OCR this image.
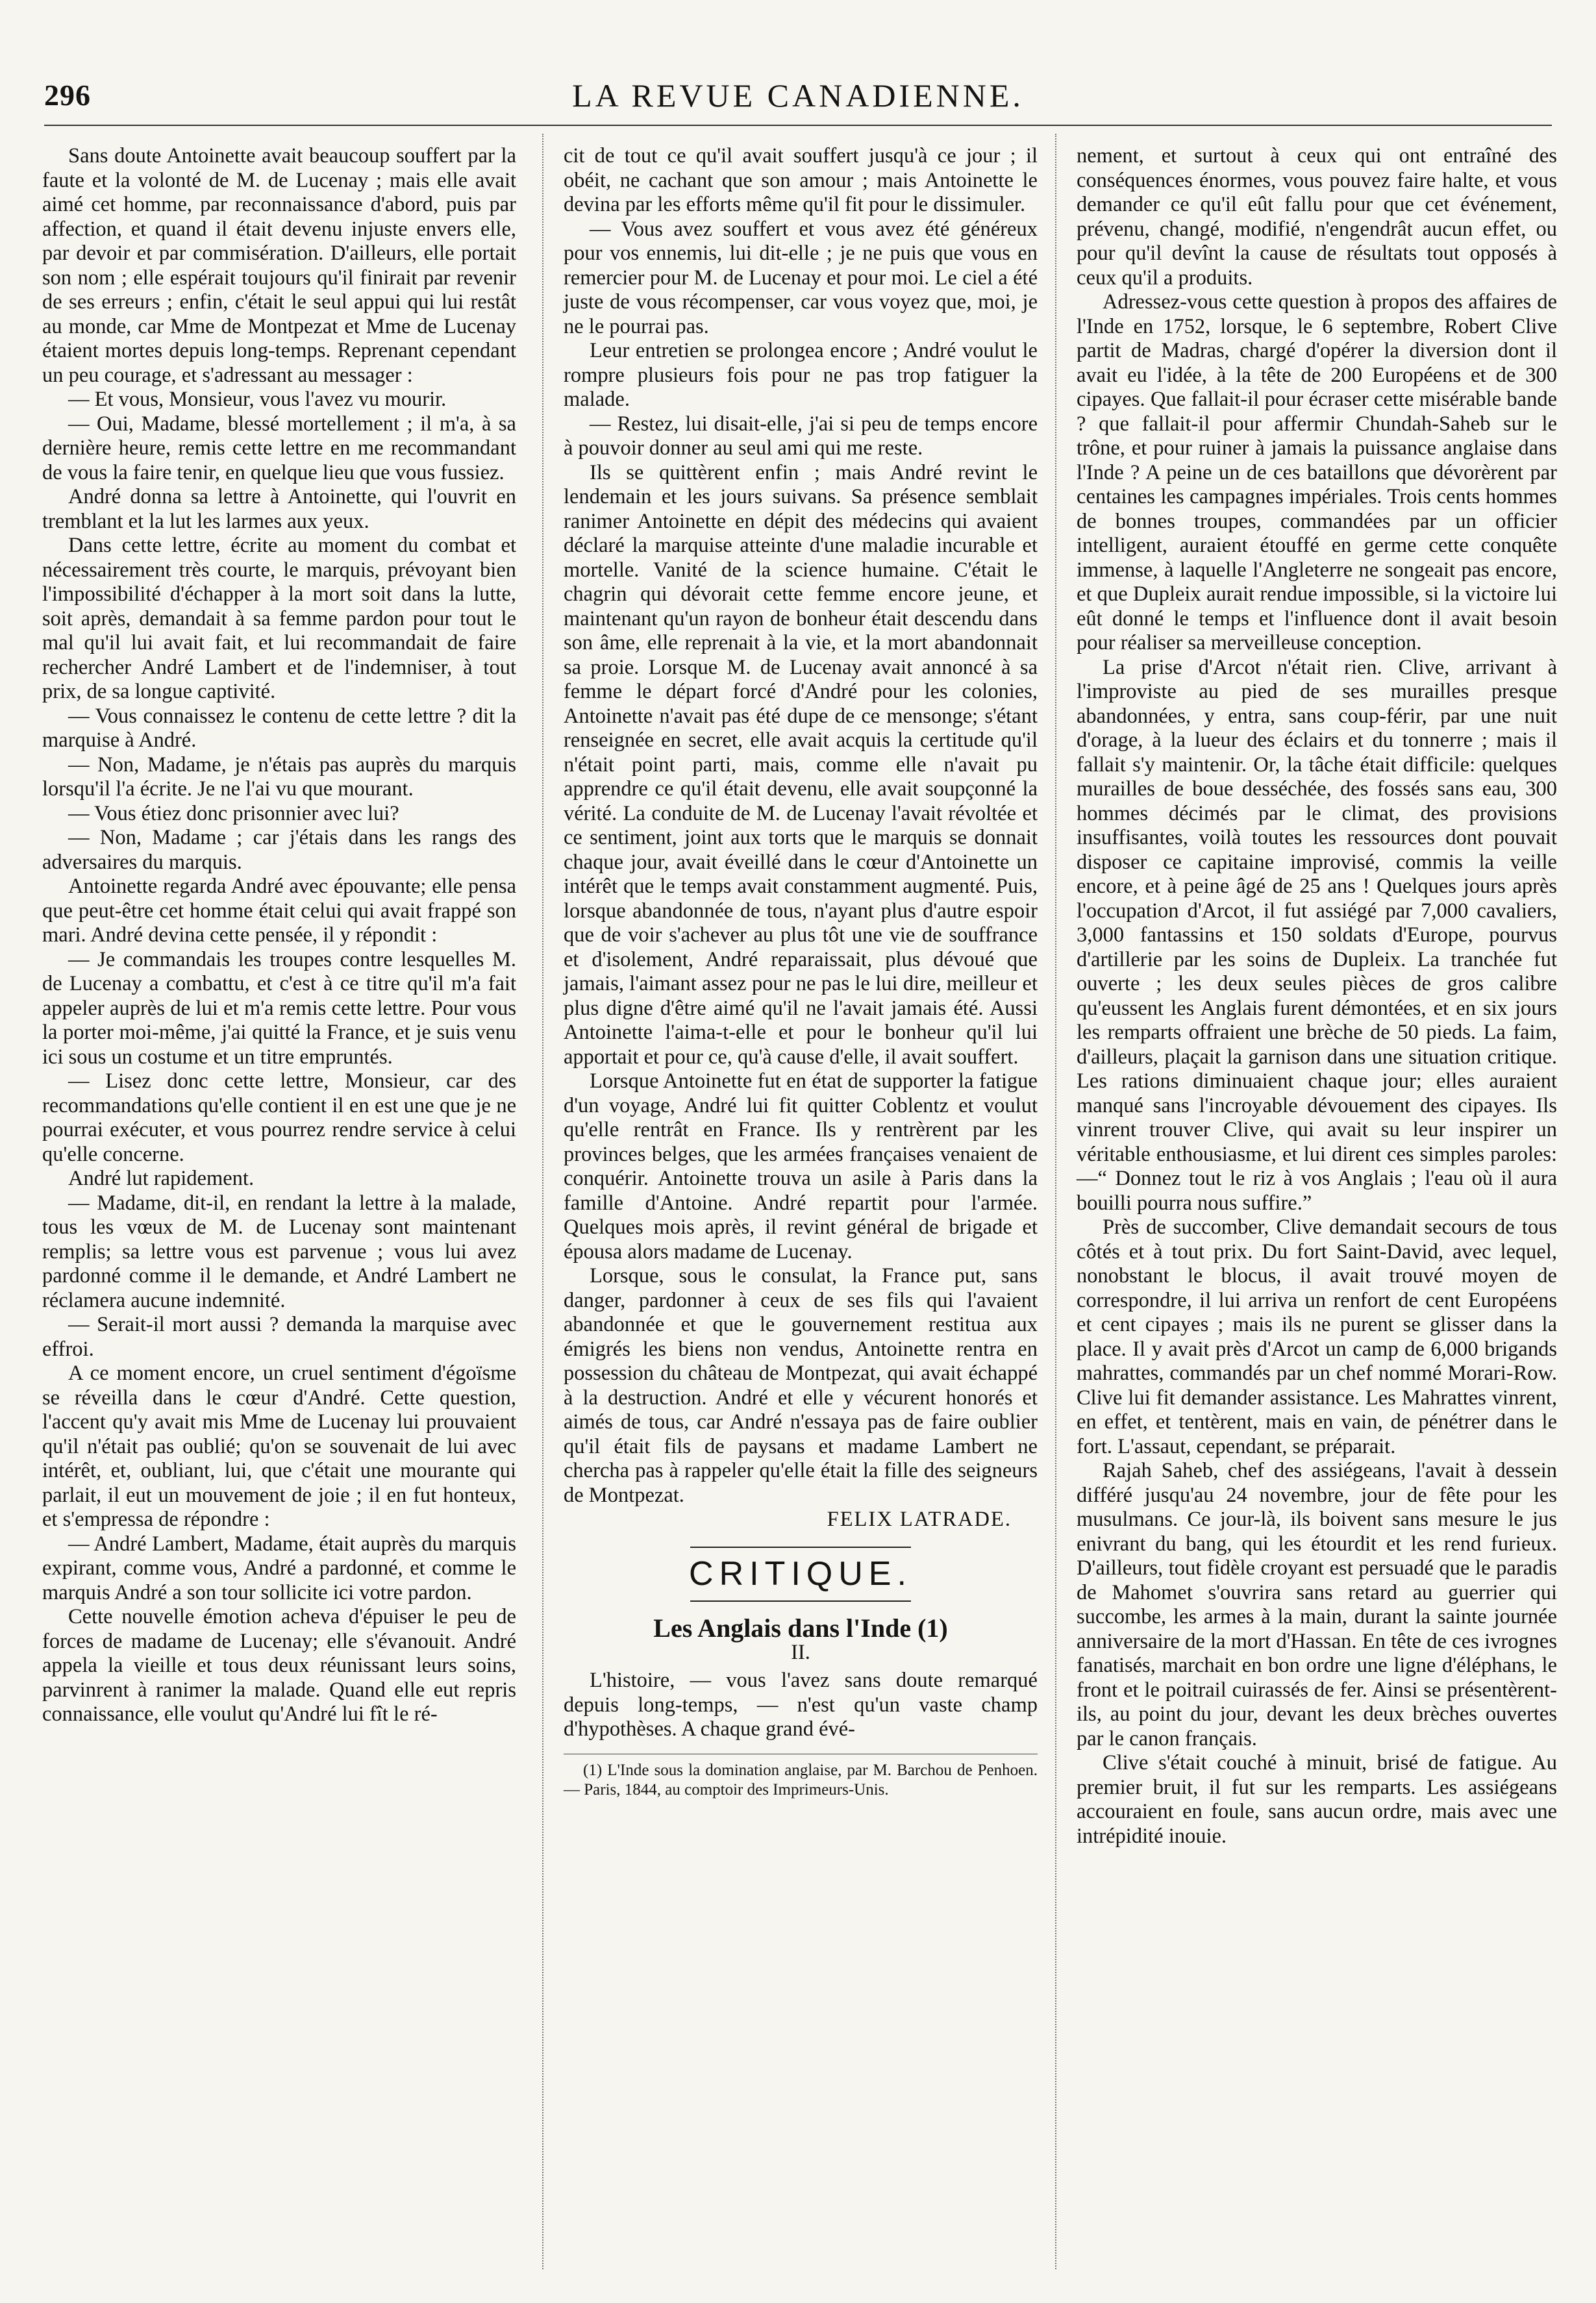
296	LA REVUE CANADIENNE.

Sans doute Antoinette avait beaucoup souffert par la faute et la volonté de M. de Lucenay ; mais elle avait aimé cet homme, par reconnaissance d'abord, puis par affection, et quand il était devenu injuste envers elle, par devoir et par commisération. D'ailleurs, elle portait son nom ; elle espérait toujours qu'il finirait par revenir de ses erreurs ; enfin, c'était le seul appui qui lui restât au monde, car Mme de Montpezat et Mme de Lucenay étaient mortes depuis long-temps. Reprenant cependant un peu courage, et s'adressant au messager :

— Et vous, Monsieur, vous l'avez vu mourir.

— Oui, Madame, blessé mortellement ; il m'a, à sa dernière heure, remis cette lettre en me recommandant de vous la faire tenir, en quelque lieu que vous fussiez.

André donna sa lettre à Antoinette, qui l'ouvrit en tremblant et la lut les larmes aux yeux.

Dans cette lettre, écrite au moment du combat et nécessairement très courte, le marquis, prévoyant bien l'impossibilité d'échapper à la mort soit dans la lutte, soit après, demandait à sa femme pardon pour tout le mal qu'il lui avait fait, et lui recommandait de faire rechercher André Lambert et de l'indemniser, à tout prix, de sa longue captivité.

— Vous connaissez le contenu de cette lettre ? dit la marquise à André.

— Non, Madame, je n'étais pas auprès du marquis lorsqu'il l'a écrite. Je ne l'ai vu que mourant.

— Vous étiez donc prisonnier avec lui?

— Non, Madame ; car j'étais dans les rangs des adversaires du marquis.

Antoinette regarda André avec épouvante; elle pensa que peut-être cet homme était celui qui avait frappé son mari. André devina cette pensée, il y répondit :

— Je commandais les troupes contre lesquelles M. de Lucenay a combattu, et c'est à ce titre qu'il m'a fait appeler auprès de lui et m'a remis cette lettre. Pour vous la porter moi-même, j'ai quitté la France, et je suis venu ici sous un costume et un titre empruntés.

— Lisez donc cette lettre, Monsieur, car des recommandations qu'elle contient il en est une que je ne pourrai exécuter, et vous pourrez rendre service à celui qu'elle concerne.

André lut rapidement.

— Madame, dit-il, en rendant la lettre à la malade, tous les vœux de M. de Lucenay sont maintenant remplis; sa lettre vous est parvenue ; vous lui avez pardonné comme il le demande, et André Lambert ne réclamera aucune indemnité.

— Serait-il mort aussi ? demanda la marquise avec effroi.

A ce moment encore, un cruel sentiment d'égoïsme se réveilla dans le cœur d'André. Cette question, l'accent qu'y avait mis Mme de Lucenay lui prouvaient qu'il n'était pas oublié; qu'on se souvenait de lui avec intérêt, et, oubliant, lui, que c'était une mourante qui parlait, il eut un mouvement de joie ; il en fut honteux, et s'empressa de répondre :

— André Lambert, Madame, était auprès du marquis expirant, comme vous, André a pardonné, et comme le marquis André a son tour sollicite ici votre pardon.

Cette nouvelle émotion acheva d'épuiser le peu de forces de madame de Lucenay; elle s'évanouit. André appela la vieille et tous deux réunissant leurs soins, parvinrent à ranimer la malade. Quand elle eut repris connaissance, elle voulut qu'André lui fît le ré-

cit de tout ce qu'il avait souffert jusqu'à ce jour ; il obéit, ne cachant que son amour ; mais Antoinette le devina par les efforts même qu'il fit pour le dissimuler.

— Vous avez souffert et vous avez été généreux pour vos ennemis, lui dit-elle ; je ne puis que vous en remercier pour M. de Lucenay et pour moi. Le ciel a été juste de vous récompenser, car vous voyez que, moi, je ne le pourrai pas.

Leur entretien se prolongea encore ; André voulut le rompre plusieurs fois pour ne pas trop fatiguer la malade.

— Restez, lui disait-elle, j'ai si peu de temps encore à pouvoir donner au seul ami qui me reste.

Ils se quittèrent enfin ; mais André revint le lendemain et les jours suivans. Sa présence semblait ranimer Antoinette en dépit des médecins qui avaient déclaré la marquise atteinte d'une maladie incurable et mortelle. Vanité de la science humaine. C'était le chagrin qui dévorait cette femme encore jeune, et maintenant qu'un rayon de bonheur était descendu dans son âme, elle reprenait à la vie, et la mort abandonnait sa proie. Lorsque M. de Lucenay avait annoncé à sa femme le départ forcé d'André pour les colonies, Antoinette n'avait pas été dupe de ce mensonge; s'étant renseignée en secret, elle avait acquis la certitude qu'il n'était point parti, mais, comme elle n'avait pu apprendre ce qu'il était devenu, elle avait soupçonné la vérité. La conduite de M. de Lucenay l'avait révoltée et ce sentiment, joint aux torts que le marquis se donnait chaque jour, avait éveillé dans le cœur d'Antoinette un intérêt que le temps avait constamment augmenté. Puis, lorsque abandonnée de tous, n'ayant plus d'autre espoir que de voir s'achever au plus tôt une vie de souffrance et d'isolement, André reparaissait, plus dévoué que jamais, l'aimant assez pour ne pas le lui dire, meilleur et plus digne d'être aimé qu'il ne l'avait jamais été. Aussi Antoinette l'aima-t-elle et pour le bonheur qu'il lui apportait et pour ce, qu'à cause d'elle, il avait souffert.

Lorsque Antoinette fut en état de supporter la fatigue d'un voyage, André lui fit quitter Coblentz et voulut qu'elle rentrât en France. Ils y rentrèrent par les provinces belges, que les armées françaises venaient de conquérir. Antoinette trouva un asile à Paris dans la famille d'Antoine. André repartit pour l'armée. Quelques mois après, il revint général de brigade et épousa alors madame de Lucenay.

Lorsque, sous le consulat, la France put, sans danger, pardonner à ceux de ses fils qui l'avaient abandonnée et que le gouvernement restitua aux émigrés les biens non vendus, Antoinette rentra en possession du château de Montpezat, qui avait échappé à la destruction. André et elle y vécurent honorés et aimés de tous, car André n'essaya pas de faire oublier qu'il était fils de paysans et madame Lambert ne chercha pas à rappeler qu'elle était la fille des seigneurs de Montpezat.

FELIX LATRADE.

CRITIQUE.
Les Anglais dans l'Inde (1)
II.

L'histoire, — vous l'avez sans doute remarqué depuis long-temps, — n'est qu'un vaste champ d'hypothèses. A chaque grand évé-

(1) L'Inde sous la domination anglaise, par M. Barchou de Penhoen. — Paris, 1844, au comptoir des Imprimeurs-Unis.

nement, et surtout à ceux qui ont entraîné des conséquences énormes, vous pouvez faire halte, et vous demander ce qu'il eût fallu pour que cet événement, prévenu, changé, modifié, n'engendrât aucun effet, ou pour qu'il devînt la cause de résultats tout opposés à ceux qu'il a produits.

Adressez-vous cette question à propos des affaires de l'Inde en 1752, lorsque, le 6 septembre, Robert Clive partit de Madras, chargé d'opérer la diversion dont il avait eu l'idée, à la tête de 200 Européens et de 300 cipayes. Que fallait-il pour écraser cette misérable bande ? que fallait-il pour affermir Chundah-Saheb sur le trône, et pour ruiner à jamais la puissance anglaise dans l'Inde ? A peine un de ces bataillons que dévorèrent par centaines les campagnes impériales. Trois cents hommes de bonnes troupes, commandées par un officier intelligent, auraient étouffé en germe cette conquête immense, à laquelle l'Angleterre ne songeait pas encore, et que Dupleix aurait rendue impossible, si la victoire lui eût donné le temps et l'influence dont il avait besoin pour réaliser sa merveilleuse conception.

La prise d'Arcot n'était rien. Clive, arrivant à l'improviste au pied de ses murailles presque abandonnées, y entra, sans coup-férir, par une nuit d'orage, à la lueur des éclairs et du tonnerre ; mais il fallait s'y maintenir. Or, la tâche était difficile: quelques murailles de boue desséchée, des fossés sans eau, 300 hommes décimés par le climat, des provisions insuffisantes, voilà toutes les ressources dont pouvait disposer ce capitaine improvisé, commis la veille encore, et à peine âgé de 25 ans ! Quelques jours après l'occupation d'Arcot, il fut assiégé par 7,000 cavaliers, 3,000 fantassins et 150 soldats d'Europe, pourvus d'artillerie par les soins de Dupleix. La tranchée fut ouverte ; les deux seules pièces de gros calibre qu'eussent les Anglais furent démontées, et en six jours les remparts offraient une brèche de 50 pieds. La faim, d'ailleurs, plaçait la garnison dans une situation critique. Les rations diminuaient chaque jour; elles auraient manqué sans l'incroyable dévouement des cipayes. Ils vinrent trouver Clive, qui avait su leur inspirer un véritable enthousiasme, et lui dirent ces simples paroles:—“ Donnez tout le riz à vos Anglais ; l'eau où il aura bouilli pourra nous suffire.”

Près de succomber, Clive demandait secours de tous côtés et à tout prix. Du fort Saint-David, avec lequel, nonobstant le blocus, il avait trouvé moyen de correspondre, il lui arriva un renfort de cent Européens et cent cipayes ; mais ils ne purent se glisser dans la place. Il y avait près d'Arcot un camp de 6,000 brigands mahrattes, commandés par un chef nommé Morari-Row. Clive lui fit demander assistance. Les Mahrattes vinrent, en effet, et tentèrent, mais en vain, de pénétrer dans le fort. L'assaut, cependant, se préparait.

Rajah Saheb, chef des assiégeans, l'avait à dessein différé jusqu'au 24 novembre, jour de fête pour les musulmans. Ce jour-là, ils boivent sans mesure le jus enivrant du bang, qui les étourdit et les rend furieux. D'ailleurs, tout fidèle croyant est persuadé que le paradis de Mahomet s'ouvrira sans retard au guerrier qui succombe, les armes à la main, durant la sainte journée anniversaire de la mort d'Hassan. En tête de ces ivrognes fanatisés, marchait en bon ordre une ligne d'éléphans, le front et le poitrail cuirassés de fer. Ainsi se présentèrent-ils, au point du jour, devant les deux brèches ouvertes par le canon français.

Clive s'était couché à minuit, brisé de fatigue. Au premier bruit, il fut sur les remparts. Les assiégeans accouraient en foule, sans aucun ordre, mais avec une intrépidité inouie.
